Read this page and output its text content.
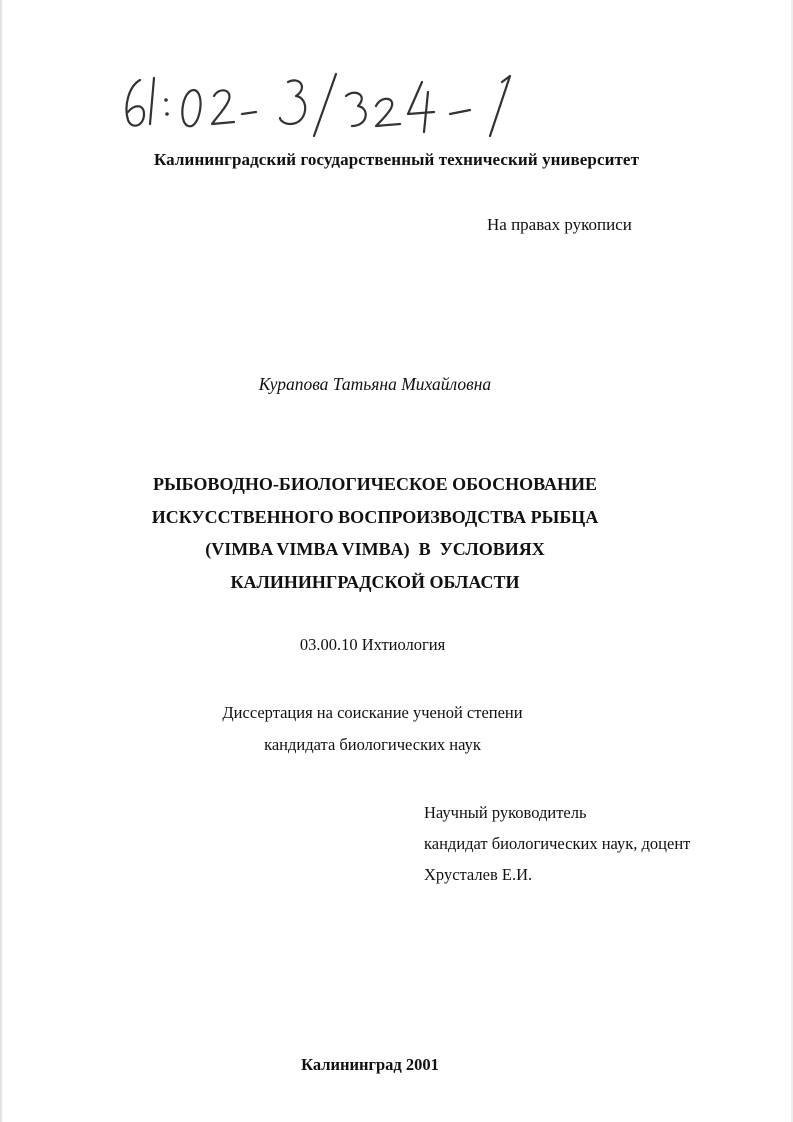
Калининградский государственный технический университет
На правах рукописи
Курапова Татьяна Михайловна
РЫБОВОДНО-БИОЛОГИЧЕСКОЕ ОБОСНОВАНИЕ
ИСКУССТВЕННОГО ВОСПРОИЗВОДСТВА РЫБЦА
(VIMBA VIMBA VIMBA)  В  УСЛОВИЯХ
КАЛИНИНГРАДСКОЙ ОБЛАСТИ
03.00.10 Ихтиология
Диссертация на соискание ученой степени
кандидата биологических наук
Научный руководитель
кандидат биологических наук, доцент
Хрусталев Е.И.
Калининград 2001
